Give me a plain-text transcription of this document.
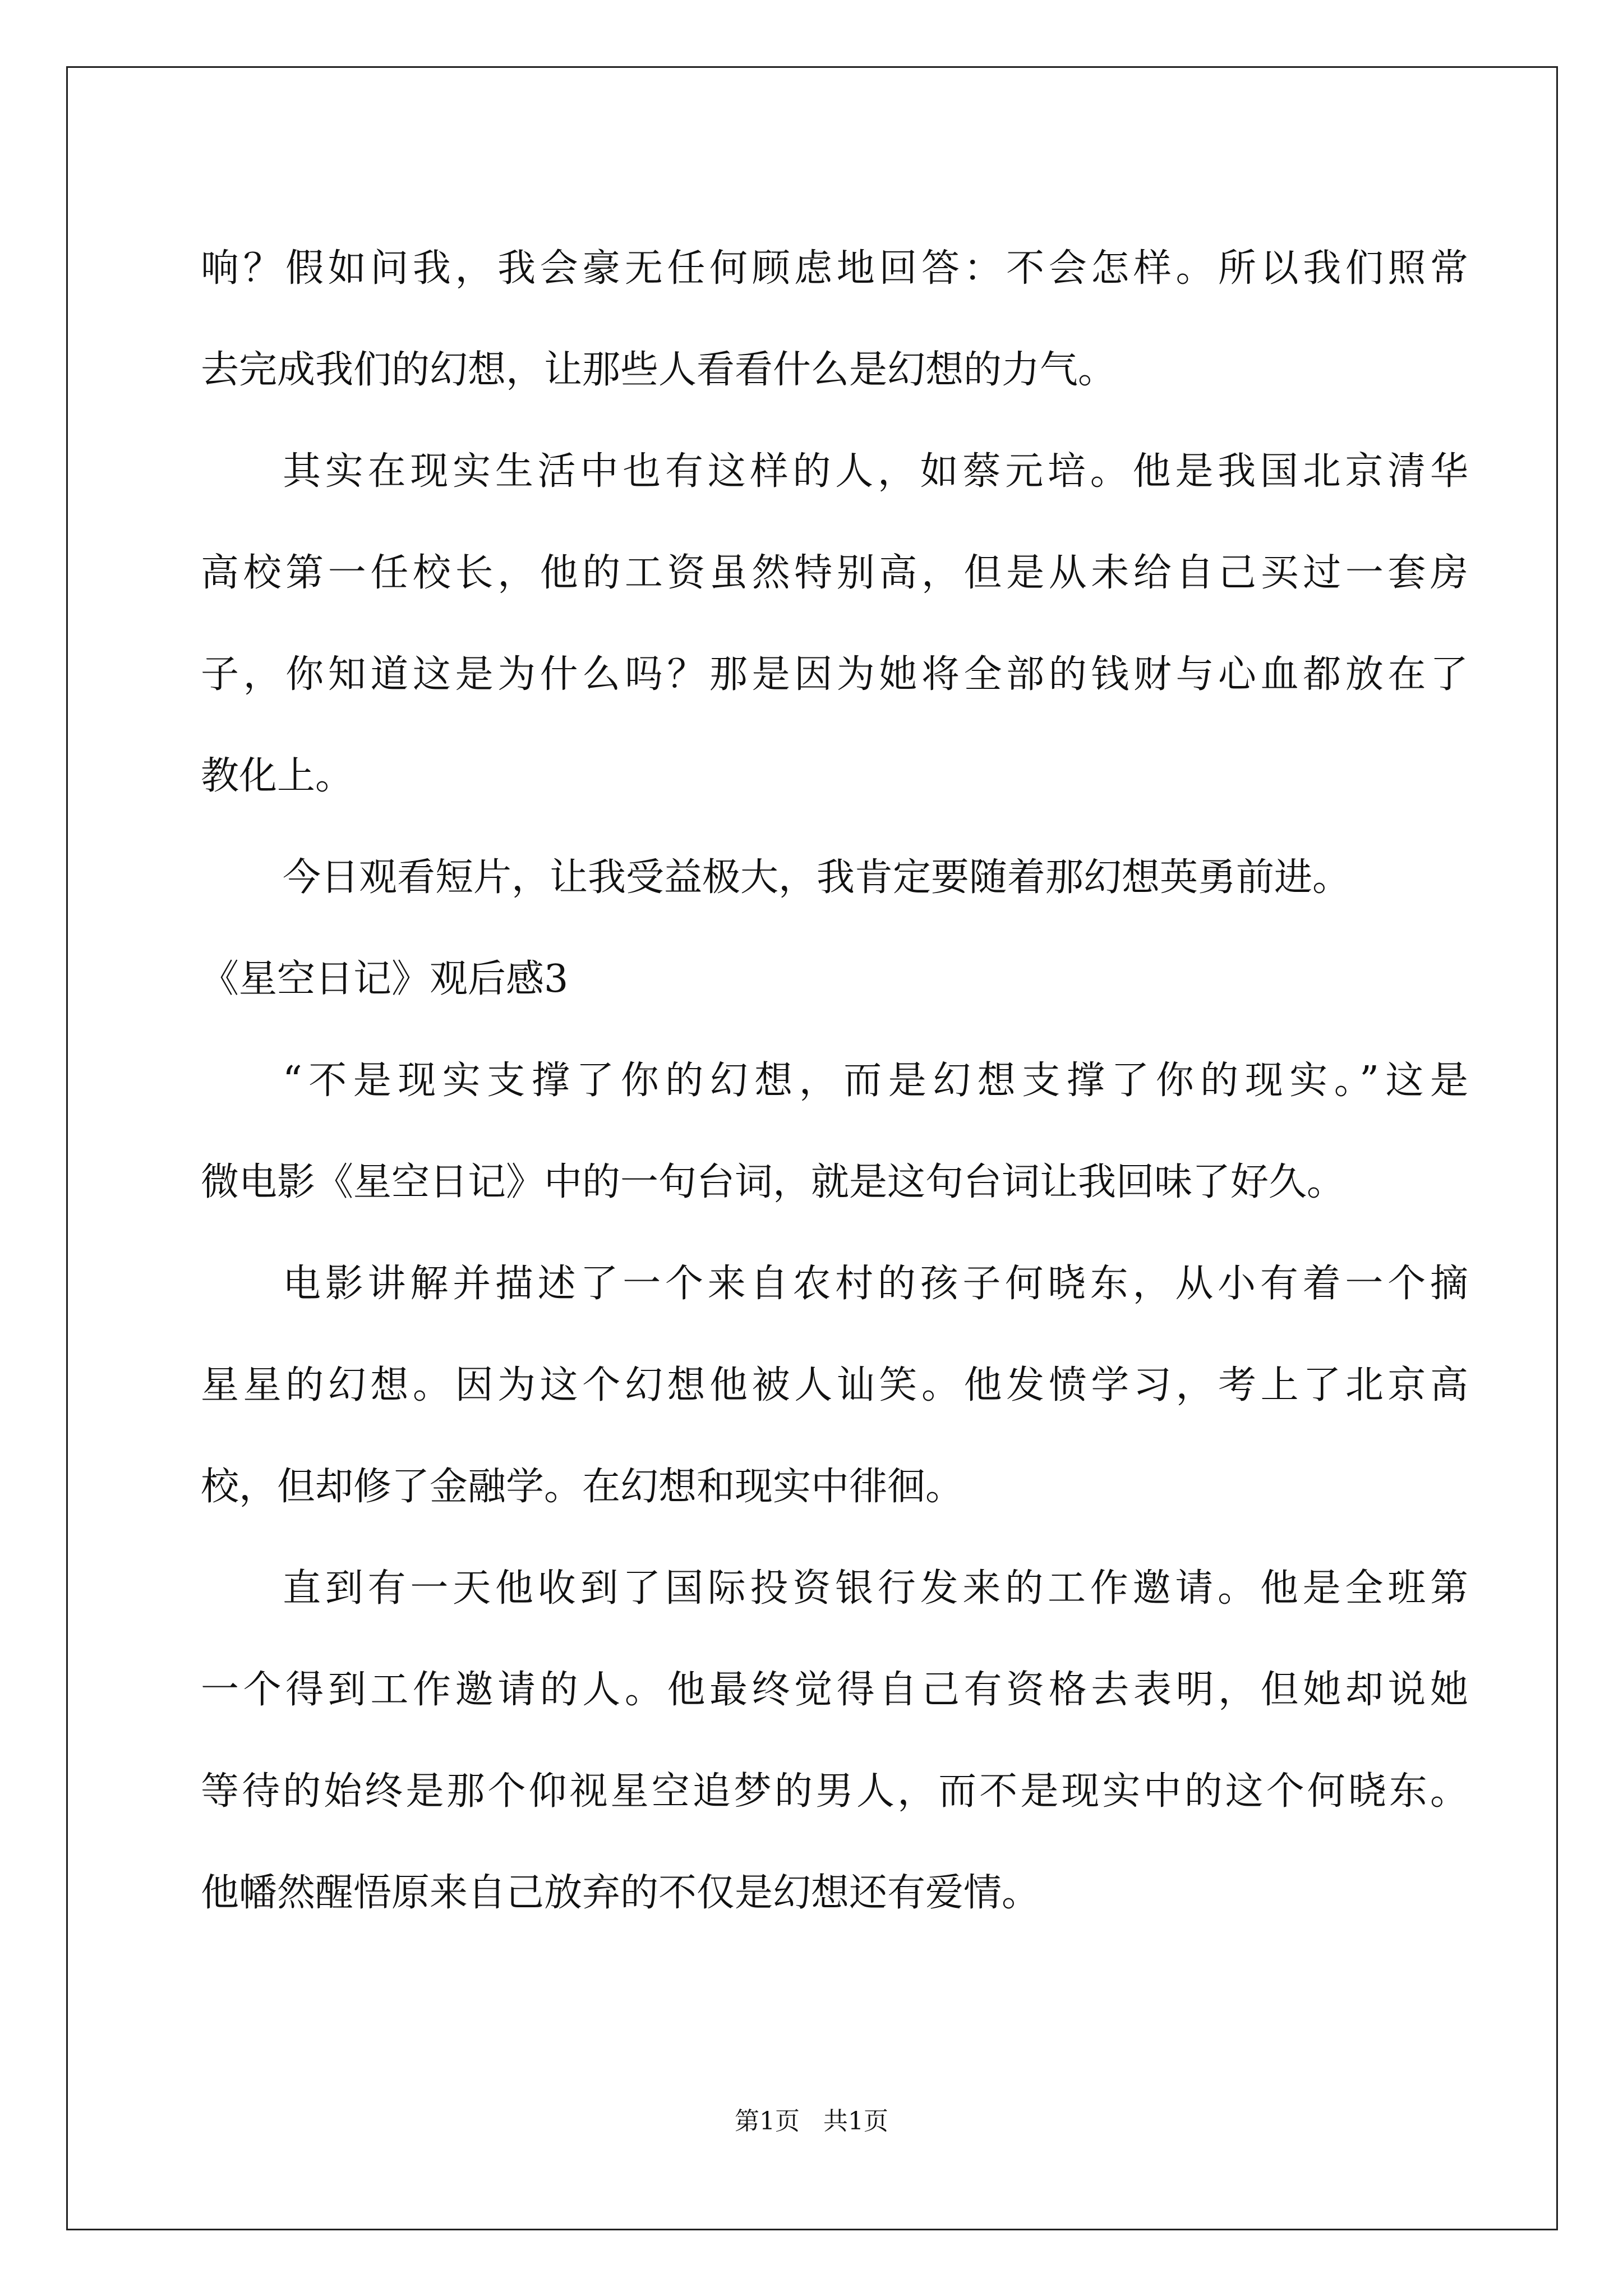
响？假如问我，我会豪无任何顾虑地回答：不会怎样。所以我们照常
去完成我们的幻想，让那些人看看什么是幻想的力气。
其实在现实生活中也有这样的人，如蔡元培。他是我国北京清华
高校第一任校长，他的工资虽然特别高，但是从未给自己买过一套房
子，你知道这是为什么吗？那是因为她将全部的钱财与心血都放在了
教化上。
今日观看短片，让我受益极大，我肯定要随着那幻想英勇前进。
《星空日记》观后感3
“不是现实支撑了你的幻想，而是幻想支撑了你的现实。”这是
微电影《星空日记》中的一句台词，就是这句台词让我回味了好久。
电影讲解并描述了一个来自农村的孩子何晓东，从小有着一个摘
星星的幻想。因为这个幻想他被人讪笑。他发愤学习，考上了北京高
校，但却修了金融学。在幻想和现实中徘徊。
直到有一天他收到了国际投资银行发来的工作邀请。他是全班第
一个得到工作邀请的人。他最终觉得自己有资格去表明，但她却说她
等待的始终是那个仰视星空追梦的男人，而不是现实中的这个何晓东。
他幡然醒悟原来自己放弃的不仅是幻想还有爱情。
第1页 共1页
